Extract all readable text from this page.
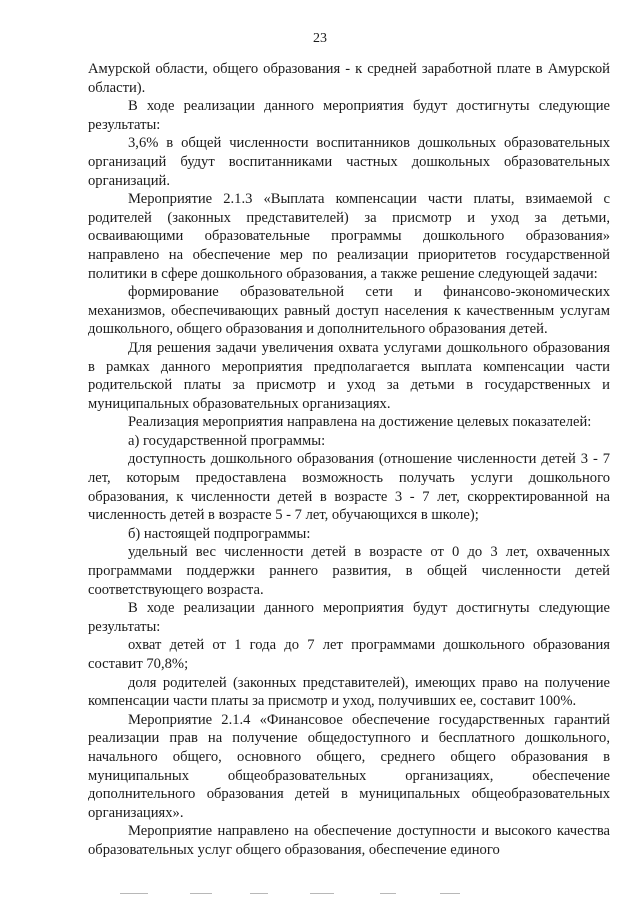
23

Амурской области, общего образования - к средней заработной плате в Амурской области).

В ходе реализации данного мероприятия будут достигнуты следующие результаты:

3,6% в общей численности воспитанников дошкольных образовательных организаций будут воспитанниками частных дошкольных образовательных организаций.

Мероприятие 2.1.3 «Выплата компенсации части платы, взимаемой с родителей (законных представителей) за присмотр и уход за детьми, осваивающими образовательные программы дошкольного образования» направлено на обеспечение мер по реализации приоритетов государственной политики в сфере дошкольного образования, а также решение следующей задачи:

формирование образовательной сети и финансово-экономических механизмов, обеспечивающих равный доступ населения к качественным услугам дошкольного, общего образования и дополнительного образования детей.

Для решения задачи увеличения охвата услугами дошкольного образования в рамках данного мероприятия предполагается выплата компенсации части родительской платы за присмотр и уход за детьми в государственных и муниципальных образовательных организациях.

Реализация мероприятия направлена на достижение целевых показателей:

а) государственной программы:

доступность дошкольного образования (отношение численности детей 3 - 7 лет, которым предоставлена возможность получать услуги дошкольного образования, к численности детей в возрасте 3 - 7 лет, скорректированной на численность детей в возрасте 5 - 7 лет, обучающихся в школе);

б) настоящей подпрограммы:

удельный вес численности детей в возрасте от 0 до 3 лет, охваченных программами поддержки раннего развития, в общей численности детей соответствующего возраста.

В ходе реализации данного мероприятия будут достигнуты следующие результаты:

охват детей от 1 года до 7 лет программами дошкольного образования составит 70,8%;

доля родителей (законных представителей), имеющих право на получение компенсации части платы за присмотр и уход, получивших ее, составит 100%.

Мероприятие 2.1.4 «Финансовое обеспечение государственных гарантий реализации прав на получение общедоступного и бесплатного дошкольного, начального общего, основного общего, среднего общего образования в муниципальных общеобразовательных организациях, обеспечение дополнительного образования детей в муниципальных общеобразовательных организациях».

Мероприятие направлено на обеспечение доступности и высокого качества образовательных услуг общего образования, обеспечение единого
